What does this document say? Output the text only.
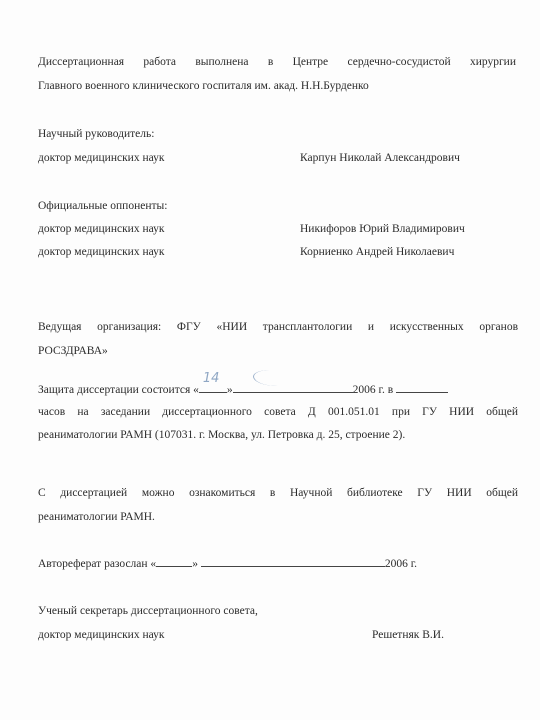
Диссертационная работа выполнена в Центре сердечно-сосудистой хирургии
Главного военного клинического госпиталя им. акад. Н.Н.Бурденко
Научный руководитель:
доктор медицинских наук	Карпун Николай Александрович
Официальные оппоненты:
доктор медицинских наук	Никифоров Юрий Владимирович
доктор медицинских наук	Корниенко Андрей Николаевич
Ведущая организация: ФГУ «НИИ трансплантологии и искусственных органов
РОСЗДРАВА»
Защита диссертации состоится «
14
»	2006 г. в
часов на заседании диссертационного совета Д 001.051.01 при ГУ НИИ общей
реаниматологии РАМН (107031. г. Москва, ул. Петровка д. 25, строение 2).
С диссертацией можно ознакомиться в Научной библиотеке ГУ НИИ общей
реаниматологии РАМН.
Автореферат разослан «	»	2006 г.
Ученый секретарь диссертационного совета,
доктор медицинских наук	Решетняк В.И.
